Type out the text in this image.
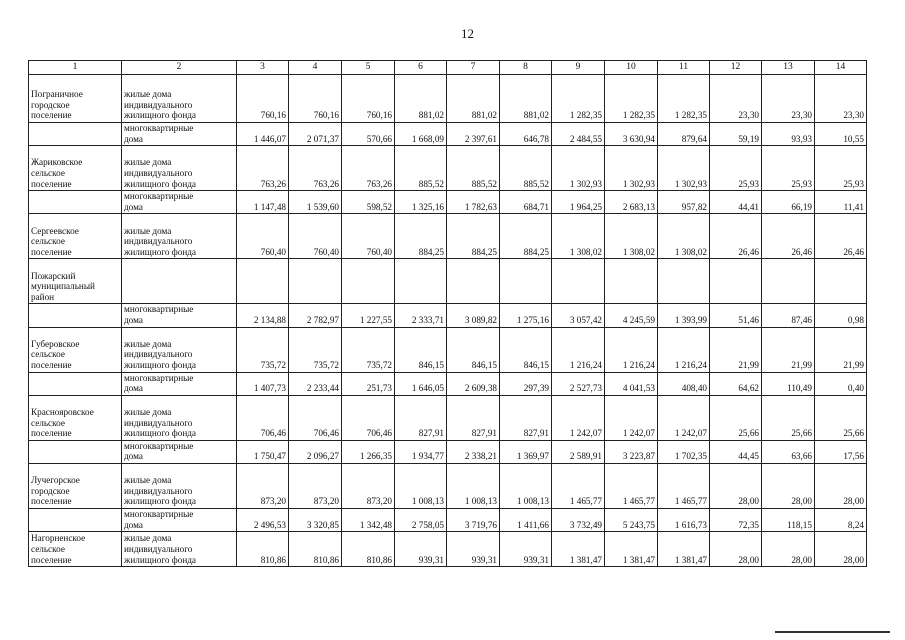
12
1	2	3	4	5	6	7	8	9	10	11	12	13	14
Пограничное
городское
поселение	жилые дома
индивидуального
жилищного фонда	760,16	760,16	760,16	881,02	881,02	881,02	1 282,35	1 282,35	1 282,35	23,30	23,30	23,30
	многоквартирные
дома	1 446,07	2 071,37	570,66	1 668,09	2 397,61	646,78	2 484,55	3 630,94	879,64	59,19	93,93	10,55
Жариковское
сельское
поселение	жилые дома
индивидуального
жилищного фонда	763,26	763,26	763,26	885,52	885,52	885,52	1 302,93	1 302,93	1 302,93	25,93	25,93	25,93
	многоквартирные
дома	1 147,48	1 539,60	598,52	1 325,16	1 782,63	684,71	1 964,25	2 683,13	957,82	44,41	66,19	11,41
Сергеевское
сельское
поселение	жилые дома
индивидуального
жилищного фонда	760,40	760,40	760,40	884,25	884,25	884,25	1 308,02	1 308,02	1 308,02	26,46	26,46	26,46
Пожарский
муниципальный
район													
	многоквартирные
дома	2 134,88	2 782,97	1 227,55	2 333,71	3 089,82	1 275,16	3 057,42	4 245,59	1 393,99	51,46	87,46	0,98
Губеровское
сельское
поселение	жилые дома
индивидуального
жилищного фонда	735,72	735,72	735,72	846,15	846,15	846,15	1 216,24	1 216,24	1 216,24	21,99	21,99	21,99
	многоквартирные
дома	1 407,73	2 233,44	251,73	1 646,05	2 609,38	297,39	2 527,73	4 041,53	408,40	64,62	110,49	0,40
Краснояровское
сельское
поселение	жилые дома
индивидуального
жилищного фонда	706,46	706,46	706,46	827,91	827,91	827,91	1 242,07	1 242,07	1 242,07	25,66	25,66	25,66
	многоквартирные
дома	1 750,47	2 096,27	1 266,35	1 934,77	2 338,21	1 369,97	2 589,91	3 223,87	1 702,35	44,45	63,66	17,56
Лучегорское
городское
поселение	жилые дома
индивидуального
жилищного фонда	873,20	873,20	873,20	1 008,13	1 008,13	1 008,13	1 465,77	1 465,77	1 465,77	28,00	28,00	28,00
	многоквартирные
дома	2 496,53	3 320,85	1 342,48	2 758,05	3 719,76	1 411,66	3 732,49	5 243,75	1 616,73	72,35	118,15	8,24
Нагорненское
сельское
поселение	жилые дома
индивидуального
жилищного фонда	810,86	810,86	810,86	939,31	939,31	939,31	1 381,47	1 381,47	1 381,47	28,00	28,00	28,00
